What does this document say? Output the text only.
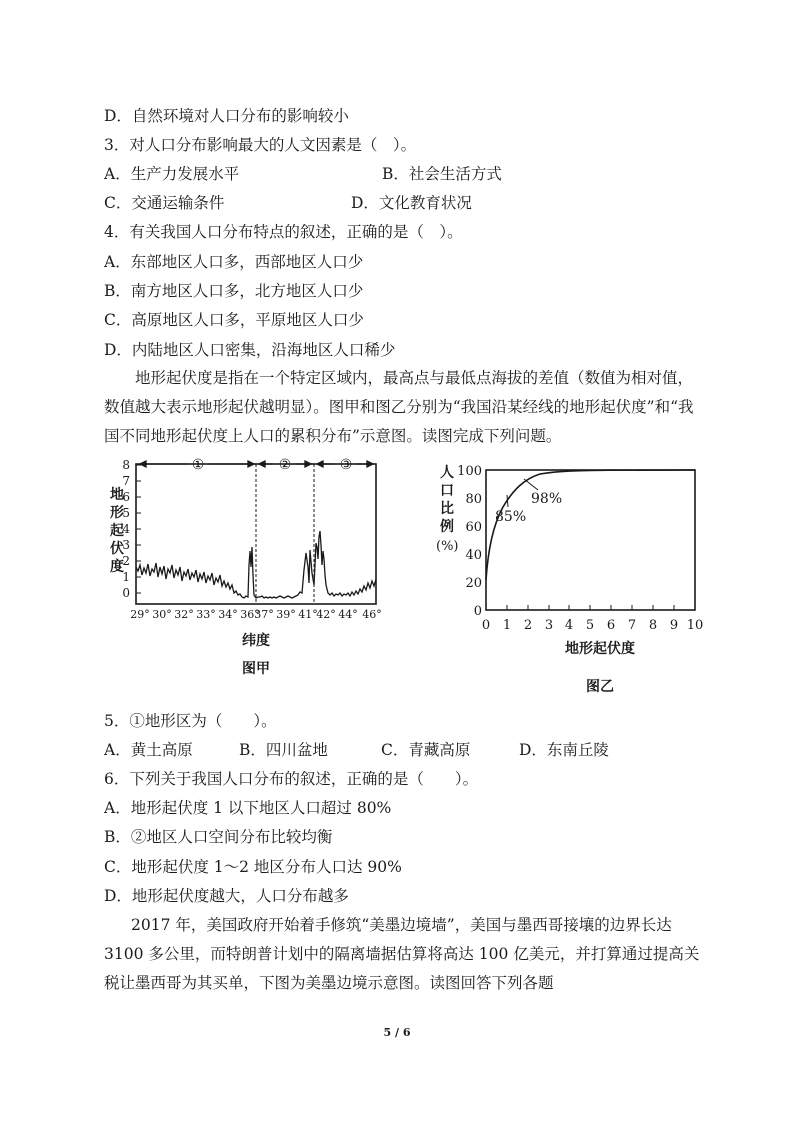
D．自然环境对人口分布的影响较小
3．对人口分布影响最大的人文因素是（　）。
A．生产力发展水平	B．社会生活方式
C．交通运输条件	D．文化教育状况
4．有关我国人口分布特点的叙述，正确的是（　）。
A．东部地区人口多，西部地区人口少
B．南方地区人口多，北方地区人口少
C．高原地区人口多，平原地区人口少
D．内陆地区人口密集，沿海地区人口稀少
地形起伏度是指在一个特定区域内，最高点与最低点海拔的差值（数值为相对值，数值越大表示地形起伏越明显）。图甲和图乙分别为“我国沿某经线的地形起伏度”和“我国不同地形起伏度上人口的累积分布”示意图。读图完成下列问题。
地
形
起
伏
度
8
7
6
5
4
3
2
1
0
①	②	③
29° 30° 32° 33° 34° 36°
37° 39° 41°
42° 44° 46°
纬度
图甲
人
口
比
例
(%)
100
80
60
40
20
0
98%
85%
0 1 2 3 4 5 6 7 8 9 10
地形起伏度
图乙
5．①地形区为（　　）。
A．黄土高原	B．四川盆地	C．青藏高原	D．东南丘陵
6．下列关于我国人口分布的叙述，正确的是（　　）。
A．地形起伏度 1 以下地区人口超过 80%
B．②地区人口空间分布比较均衡
C．地形起伏度 1～2 地区分布人口达 90%
D．地形起伏度越大，人口分布越多
2017 年，美国政府开始着手修筑“美墨边境墙”，美国与墨西哥接壤的边界长达 3100 多公里，而特朗普计划中的隔离墙据估算将高达 100 亿美元，并打算通过提高关税让墨西哥为其买单，下图为美墨边境示意图。读图回答下列各题
5 / 6
